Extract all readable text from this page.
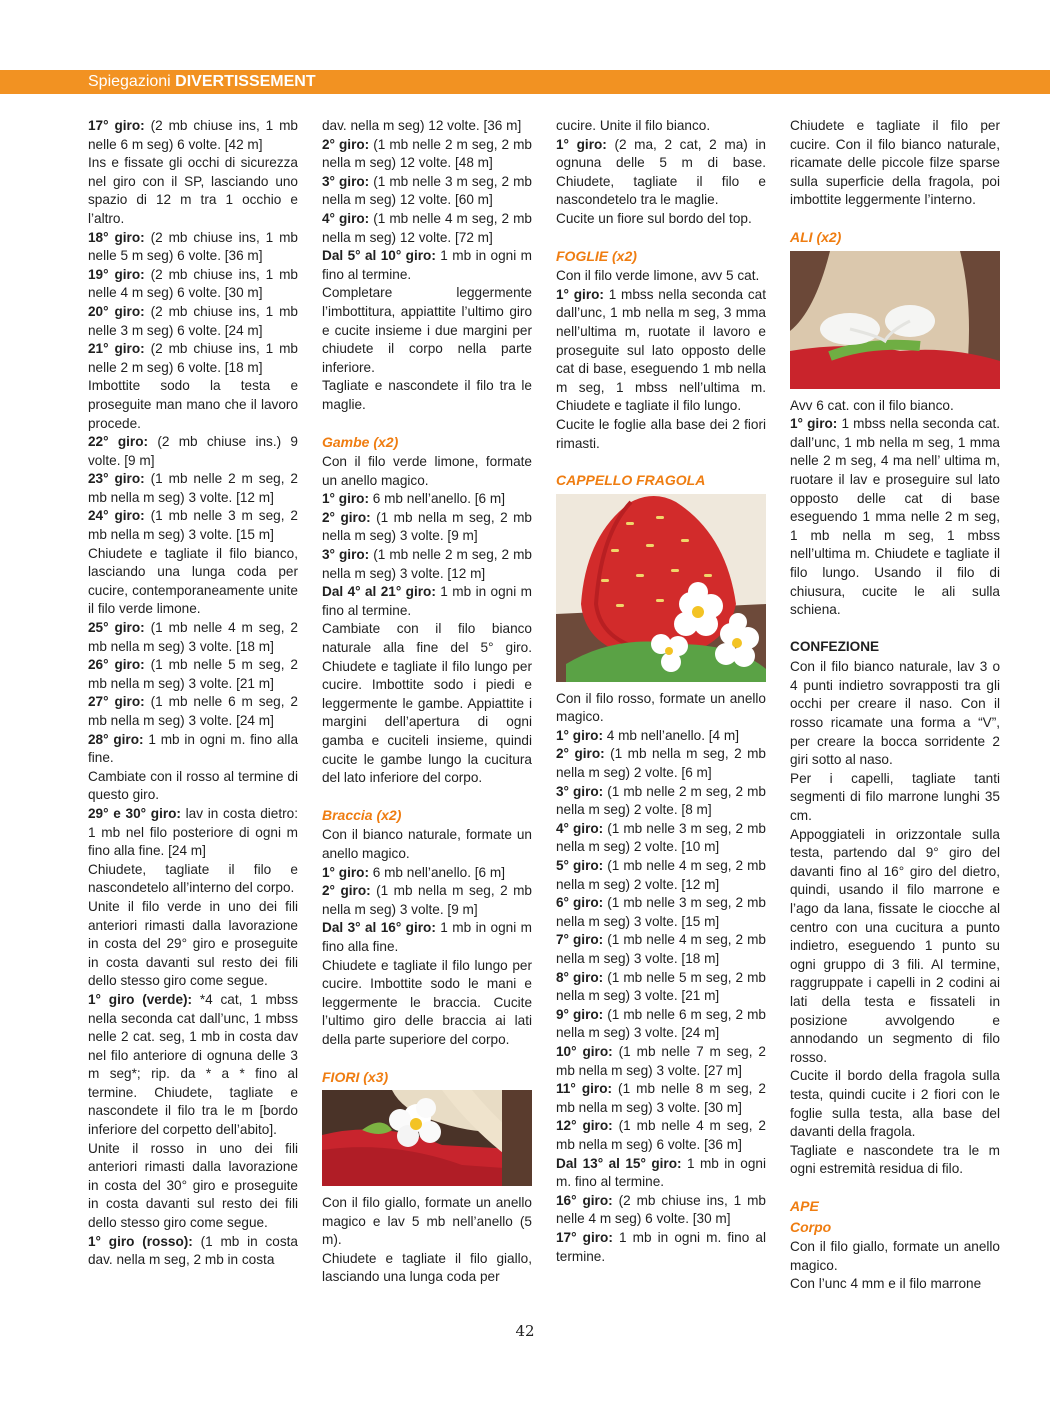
Spiegazioni DIVERTISSEMENT

17° giro: (2 mb chiuse ins, 1 mb nelle 6 m seg) 6 volte. [42 m]

Ins e fissate gli occhi di sicurezza nel giro con il SP, lasciando uno spazio di 12 m tra 1 occhio e l’altro.

18° giro: (2 mb chiuse ins, 1 mb nelle 5 m seg) 6 volte. [36 m]

19° giro: (2 mb chiuse ins, 1 mb nelle 4 m seg) 6 volte. [30 m]

20° giro: (2 mb chiuse ins, 1 mb nelle 3 m seg) 6 volte. [24 m]

21° giro: (2 mb chiuse ins, 1 mb nelle 2 m seg) 6 volte. [18 m]

Imbottite sodo la testa e proseguite man mano che il lavoro procede.

22° giro: (2 mb chiuse ins.) 9 volte. [9 m]

23° giro: (1 mb nelle 2 m seg, 2 mb nella m seg) 3 volte. [12 m]

24° giro: (1 mb nelle 3 m seg, 2 mb nella m seg) 3 volte. [15 m]

Chiudete e tagliate il filo bianco, lasciando una lunga coda per cucire, contemporaneamente unite il filo verde limone.

25° giro: (1 mb nelle 4 m seg, 2 mb nella m seg) 3 volte. [18 m]

26° giro: (1 mb nelle 5 m seg, 2 mb nella m seg) 3 volte. [21 m]

27° giro: (1 mb nelle 6 m seg, 2 mb nella m seg) 3 volte. [24 m]

28° giro: 1 mb in ogni m. fino alla fine.

Cambiate con il rosso al termine di questo giro.

29° e 30° giro: lav in costa dietro: 1 mb nel filo posteriore di ogni m fino alla fine. [24 m]

Chiudete, tagliate il filo e nascondetelo all’interno del corpo.

Unite il filo verde in uno dei fili anteriori rimasti dalla lavorazione in costa del 29° giro e proseguite in costa davanti sul resto dei fili dello stesso giro come segue.

1° giro (verde): *4 cat, 1 mbss nella seconda cat dall’unc, 1 mbss nelle 2 cat. seg, 1 mb in costa dav nel filo anteriore di ognuna delle 3 m seg*; rip. da * a * fino al termine. Chiudete, tagliate e nascondete il filo tra le m [bordo inferiore del corpetto dell’abito].

Unite il rosso in uno dei fili anteriori rimasti dalla lavorazione in costa del 30° giro e proseguite in costa davanti sul resto dei fili dello stesso giro come segue.

1° giro (rosso): (1 mb in costa dav. nella m seg, 2 mb in costa

dav. nella m seg) 12 volte. [36 m]

2° giro: (1 mb nelle 2 m seg, 2 mb nella m seg) 12 volte. [48 m]

3° giro: (1 mb nelle 3 m seg, 2 mb nella m seg) 12 volte. [60 m]

4° giro: (1 mb nelle 4 m seg, 2 mb nella m seg) 12 volte. [72 m]

Dal 5° al 10° giro: 1 mb in ogni m fino al termine.

Completare leggermente l’imbottitura, appiattite l’ultimo giro e cucite insieme i due margini per chiudete il corpo nella parte inferiore.

Tagliate e nascondete il filo tra le maglie.

Gambe (x2)

Con il filo verde limone, formate un anello magico.

1° giro: 6 mb nell’anello. [6 m]

2° giro: (1 mb nella m seg, 2 mb nella m seg) 3 volte. [9 m]

3° giro: (1 mb nelle 2 m seg, 2 mb nella m seg) 3 volte. [12 m]

Dal 4° al 21° giro: 1 mb in ogni m fino al termine.

Cambiate con il filo bianco naturale alla fine del 5° giro. Chiudete e tagliate il filo lungo per cucire. Imbottite sodo i piedi e leggermente le gambe. Appiattite i margini dell’apertura di ogni gamba e cuciteli insieme, quindi cucite le gambe lungo la cucitura del lato inferiore del corpo.

Braccia (x2)

Con il bianco naturale, formate un anello magico.

1° giro: 6 mb nell’anello. [6 m]

2° giro: (1 mb nella m seg, 2 mb nella m seg) 3 volte. [9 m]

Dal 3° al 16° giro: 1 mb in ogni m fino alla fine.

Chiudete e tagliate il filo lungo per cucire. Imbottite sodo le mani e leggermente le braccia. Cucite l’ultimo giro delle braccia ai lati della parte superiore del corpo.

FIORI (x3)

Con il filo giallo, formate un anello magico e lav 5 mb nell’anello (5 m).

Chiudete e tagliate il filo giallo, lasciando una lunga coda per

cucire. Unite il filo bianco.

1° giro: (2 ma, 2 cat, 2 ma) in ognuna delle 5 m di base. Chiudete, tagliate il filo e nascondetelo tra le maglie.

Cucite un fiore sul bordo del top.

FOGLIE (x2)

Con il filo verde limone, avv 5 cat.

1° giro: 1 mbss nella seconda cat dall’unc, 1 mb nella m seg, 3 mma nell’ultima m, ruotate il lavoro e proseguite sul lato opposto delle cat di base, eseguendo 1 mb nella m seg, 1 mbss nell’ultima m. Chiudete e tagliate il filo lungo.

Cucite le foglie alla base dei 2 fiori rimasti.

CAPPELLO FRAGOLA

Con il filo rosso, formate un anello magico.

1° giro: 4 mb nell’anello. [4 m]

2° giro: (1 mb nella m seg, 2 mb nella m seg) 2 volte. [6 m]

3° giro: (1 mb nelle 2 m seg, 2 mb nella m seg) 2 volte. [8 m]

4° giro: (1 mb nelle 3 m seg, 2 mb nella m seg) 2 volte. [10 m]

5° giro: (1 mb nelle 4 m seg, 2 mb nella m seg) 2 volte. [12 m]

6° giro: (1 mb nelle 3 m seg, 2 mb nella m seg) 3 volte. [15 m]

7° giro: (1 mb nelle 4 m seg, 2 mb nella m seg) 3 volte. [18 m]

8° giro: (1 mb nelle 5 m seg, 2 mb nella m seg) 3 volte. [21 m]

9° giro: (1 mb nelle 6 m seg, 2 mb nella m seg) 3 volte. [24 m]

10° giro: (1 mb nelle 7 m seg, 2 mb nella m seg) 3 volte. [27 m]

11° giro: (1 mb nelle 8 m seg, 2 mb nella m seg) 3 volte. [30 m]

12° giro: (1 mb nelle 4 m seg, 2 mb nella m seg) 6 volte. [36 m]

Dal 13° al 15° giro: 1 mb in ogni m. fino al termine.

16° giro: (2 mb chiuse ins, 1 mb nelle 4 m seg) 6 volte. [30 m]

17° giro: 1 mb in ogni m. fino al termine.

Chiudete e tagliate il filo per cucire. Con il filo bianco naturale, ricamate delle piccole filze sparse sulla superficie della fragola, poi imbottite leggermente l’interno.

ALI (x2)

Avv 6 cat. con il filo bianco.

1° giro: 1 mbss nella seconda cat. dall’unc, 1 mb nella m seg, 1 mma nelle 2 m seg, 4 ma nell’ ultima m, ruotare il lav e proseguire sul lato opposto delle cat di base eseguendo 1 mma nelle 2 m seg, 1 mb nella m seg, 1 mbss nell’ultima m. Chiudete e tagliate il filo lungo. Usando il filo di chiusura, cucite le ali sulla schiena.

CONFEZIONE

Con il filo bianco naturale, lav 3 o 4 punti indietro sovrapposti tra gli occhi per creare il naso. Con il rosso ricamate una forma a “V”, per creare la bocca sorridente 2 giri sotto al naso.

Per i capelli, tagliate tanti segmenti di filo marrone lunghi 35 cm.

Appoggiateli in orizzontale sulla testa, partendo dal 9° giro del davanti fino al 16° giro del dietro, quindi, usando il filo marrone e l’ago da lana, fissate le ciocche al centro con una cucitura a punto indietro, eseguendo 1 punto su ogni gruppo di 3 fili. Al termine, raggruppate i capelli in 2 codini ai lati della testa e fissateli in posizione avvolgendo e annodando un segmento di filo rosso.

Cucite il bordo della fragola sulla testa, quindi cucite i 2 fiori con le foglie sulla testa, alla base del davanti della fragola.

Tagliate e nascondete tra le m ogni estremità residua di filo.

APE
Corpo

Con il filo giallo, formate un anello magico.

Con l’unc 4 mm e il filo marrone

42
